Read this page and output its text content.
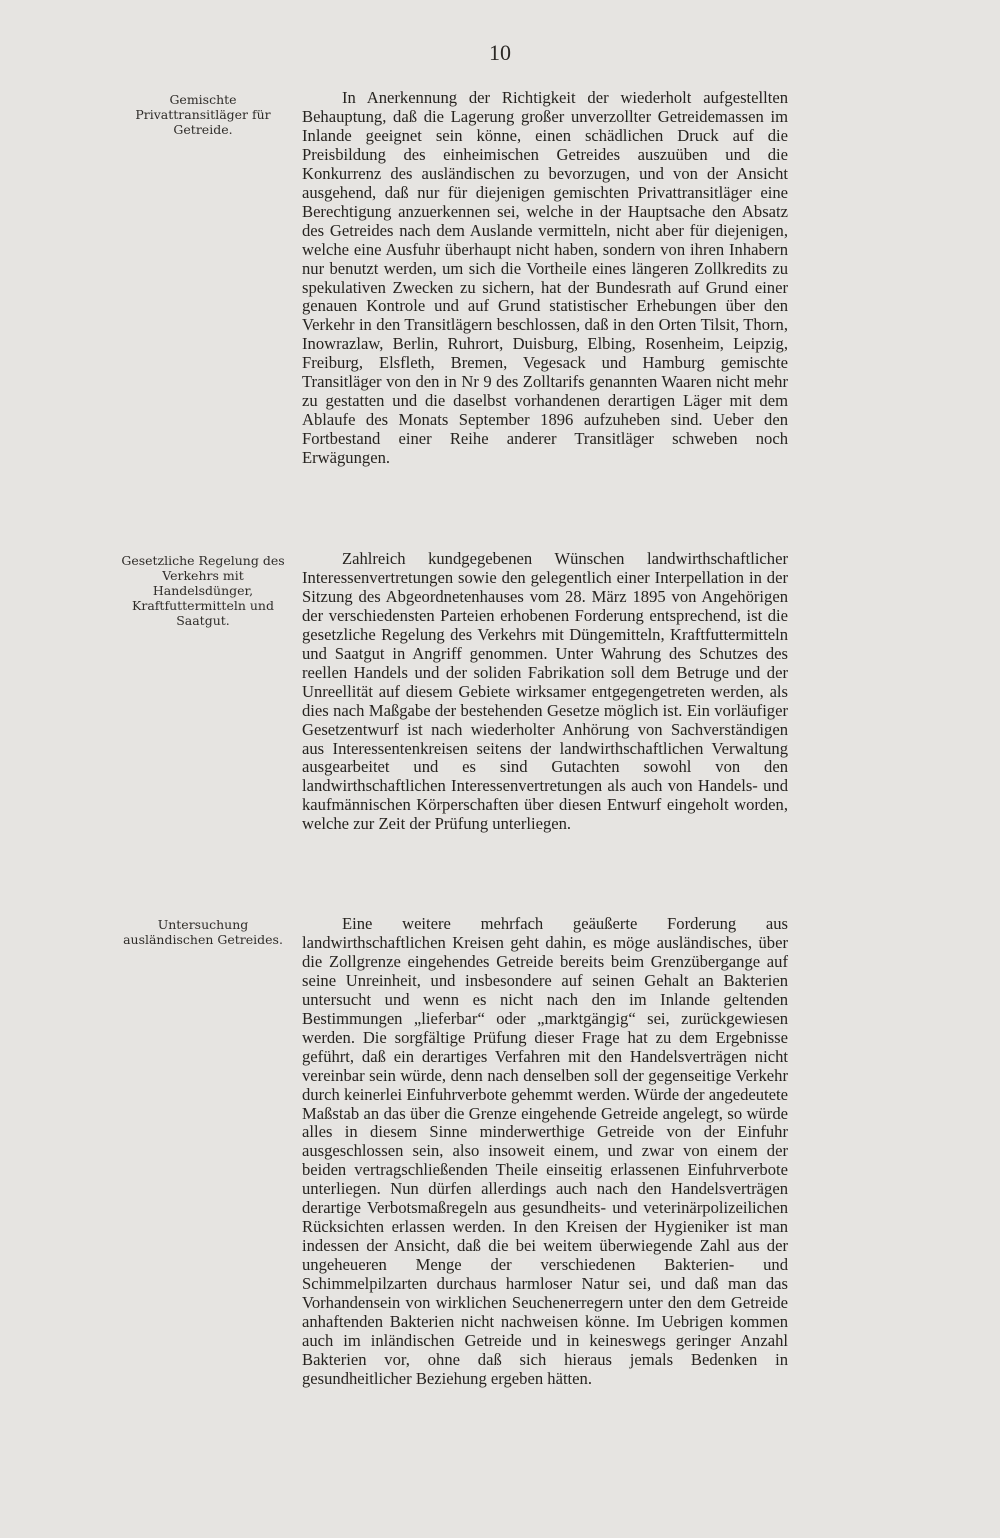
10
Gemischte Privattransitläger für Getreide.

In Anerkennung der Richtigkeit der wiederholt aufgestellten Behauptung, daß die Lagerung großer unverzollter Getreidemassen im Inlande geeignet sein könne, einen schädlichen Druck auf die Preisbildung des einheimischen Getreides auszuüben und die Konkurrenz des ausländischen zu bevorzugen, und von der Ansicht ausgehend, daß nur für diejenigen gemischten Privattransitläger eine Berechtigung anzuerkennen sei, welche in der Hauptsache den Absatz des Getreides nach dem Auslande vermitteln, nicht aber für diejenigen, welche eine Ausfuhr überhaupt nicht haben, sondern von ihren Inhabern nur benutzt werden, um sich die Vortheile eines längeren Zollkredits zu spekulativen Zwecken zu sichern, hat der Bundesrath auf Grund einer genauen Kontrole und auf Grund statistischer Erhebungen über den Verkehr in den Transitlägern beschlossen, daß in den Orten Tilsit, Thorn, Inowrazlaw, Berlin, Ruhrort, Duisburg, Elbing, Rosenheim, Leipzig, Freiburg, Elsfleth, Bremen, Vegesack und Hamburg gemischte Transitläger von den in Nr 9 des Zolltarifs genannten Waaren nicht mehr zu gestatten und die daselbst vorhandenen derartigen Läger mit dem Ablaufe des Monats September 1896 aufzuheben sind. Ueber den Fortbestand einer Reihe anderer Transitläger schweben noch Erwägungen.

Gesetzliche Regelung des Verkehrs mit Handelsdünger, Kraftfuttermitteln und Saatgut.

Zahlreich kundgegebenen Wünschen landwirthschaftlicher Interessenvertretungen sowie den gelegentlich einer Interpellation in der Sitzung des Abgeordnetenhauses vom 28. März 1895 von Angehörigen der verschiedensten Parteien erhobenen Forderung entsprechend, ist die gesetzliche Regelung des Verkehrs mit Düngemitteln, Kraftfuttermitteln und Saatgut in Angriff genommen. Unter Wahrung des Schutzes des reellen Handels und der soliden Fabrikation soll dem Betruge und der Unreellität auf diesem Gebiete wirksamer entgegengetreten werden, als dies nach Maßgabe der bestehenden Gesetze möglich ist. Ein vorläufiger Gesetzentwurf ist nach wiederholter Anhörung von Sachverständigen aus Interessentenkreisen seitens der landwirthschaftlichen Verwaltung ausgearbeitet und es sind Gutachten sowohl von den landwirthschaftlichen Interessenvertretungen als auch von Handels- und kaufmännischen Körperschaften über diesen Entwurf eingeholt worden, welche zur Zeit der Prüfung unterliegen.

Untersuchung ausländischen Getreides.

Eine weitere mehrfach geäußerte Forderung aus landwirthschaftlichen Kreisen geht dahin, es möge ausländisches, über die Zollgrenze eingehendes Getreide bereits beim Grenzübergange auf seine Unreinheit, und insbesondere auf seinen Gehalt an Bakterien untersucht und wenn es nicht nach den im Inlande geltenden Bestimmungen „lieferbar“ oder „marktgängig“ sei, zurückgewiesen werden. Die sorgfältige Prüfung dieser Frage hat zu dem Ergebnisse geführt, daß ein derartiges Verfahren mit den Handelsverträgen nicht vereinbar sein würde, denn nach denselben soll der gegenseitige Verkehr durch keinerlei Einfuhrverbote gehemmt werden. Würde der angedeutete Maßstab an das über die Grenze eingehende Getreide angelegt, so würde alles in diesem Sinne minderwerthige Getreide von der Einfuhr ausgeschlossen sein, also insoweit einem, und zwar von einem der beiden vertragschließenden Theile einseitig erlassenen Einfuhrverbote unterliegen. Nun dürfen allerdings auch nach den Handelsverträgen derartige Verbotsmaßregeln aus gesundheits- und veterinärpolizeilichen Rücksichten erlassen werden. In den Kreisen der Hygieniker ist man indessen der Ansicht, daß die bei weitem überwiegende Zahl aus der ungeheueren Menge der verschiedenen Bakterien- und Schimmelpilzarten durchaus harmloser Natur sei, und daß man das Vorhandensein von wirklichen Seuchenerregern unter den dem Getreide anhaftenden Bakterien nicht nachweisen könne. Im Uebrigen kommen auch im inländischen Getreide und in keineswegs geringer Anzahl Bakterien vor, ohne daß sich hieraus jemals Bedenken in gesundheitlicher Beziehung ergeben hätten.
